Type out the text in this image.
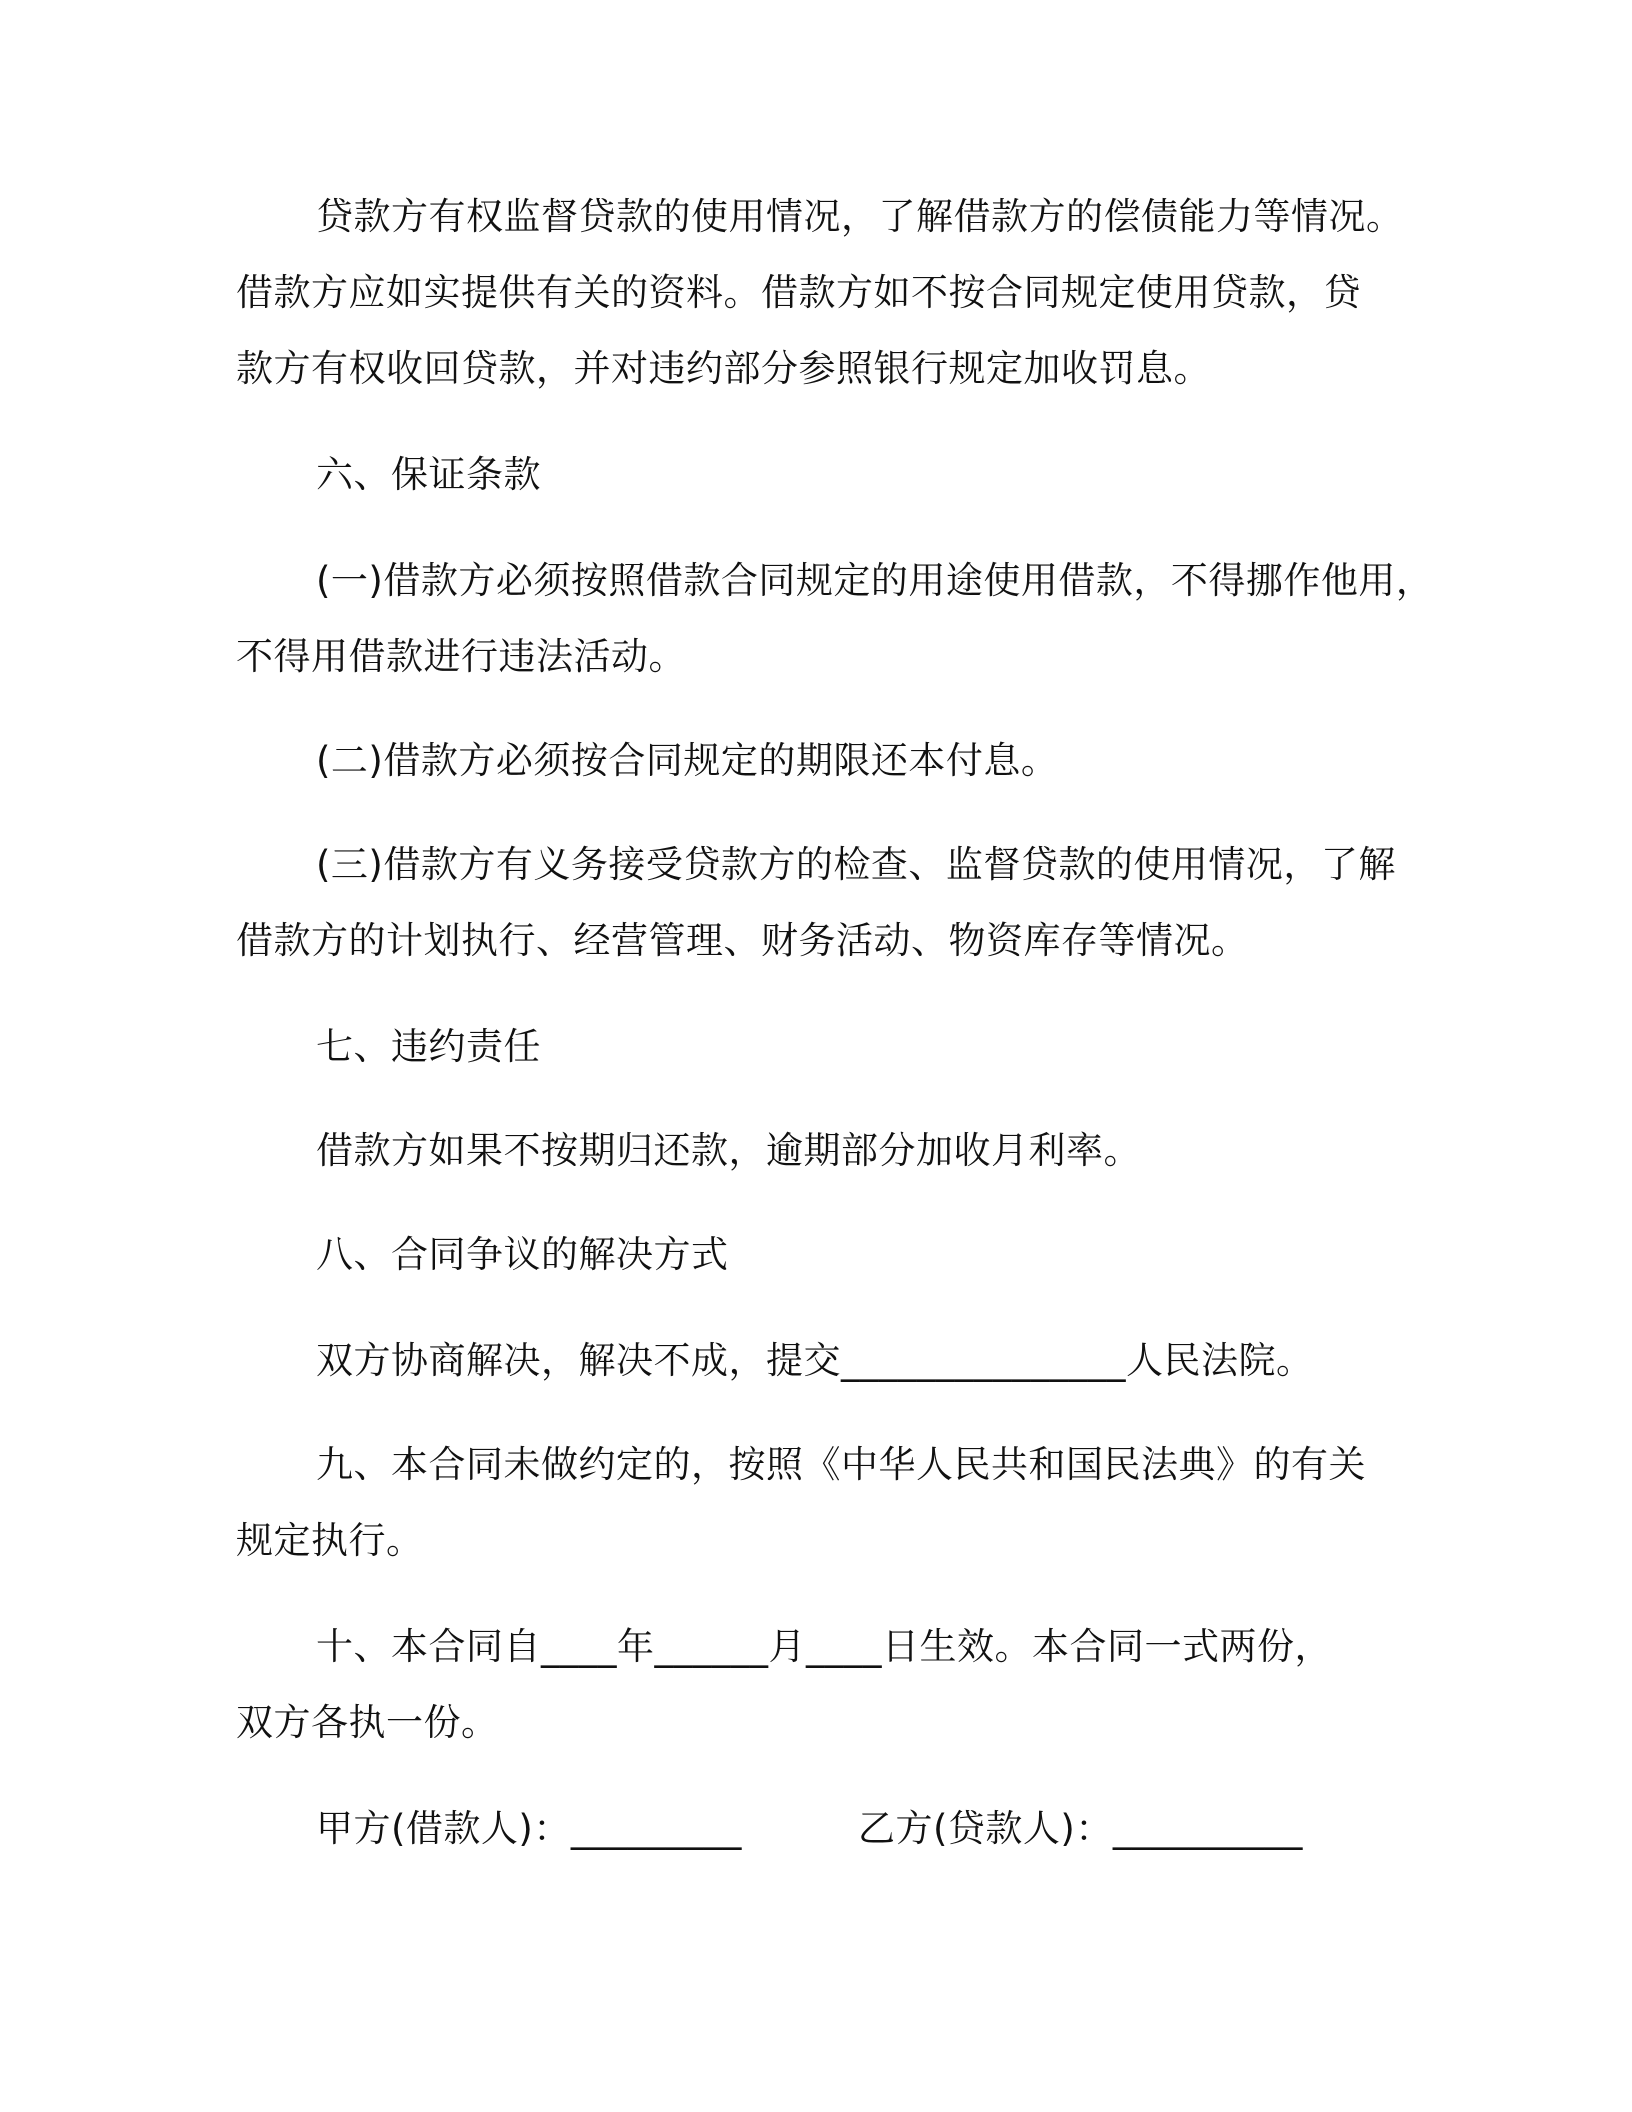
贷款方有权监督贷款的使用情况，了解借款方的偿债能力等情况。

借款方应如实提供有关的资料。借款方如不按合同规定使用贷款，贷

款方有权收回贷款，并对违约部分参照银行规定加收罚息。

六、保证条款

(一)借款方必须按照借款合同规定的用途使用借款，不得挪作他用，

不得用借款进行违法活动。

(二)借款方必须按合同规定的期限还本付息。

(三)借款方有义务接受贷款方的检查、监督贷款的使用情况，了解

借款方的计划执行、经营管理、财务活动、物资库存等情况。

七、违约责任

借款方如果不按期归还款，逾期部分加收月利率。

八、合同争议的解决方式

双方协商解决，解决不成，提交_______________人民法院。

九、本合同未做约定的，按照《中华人民共和国民法典》的有关

规定执行。

十、本合同自____年______月____日生效。本合同一式两份，

双方各执一份。

甲方(借款人)：_________	乙方(贷款人)：__________
